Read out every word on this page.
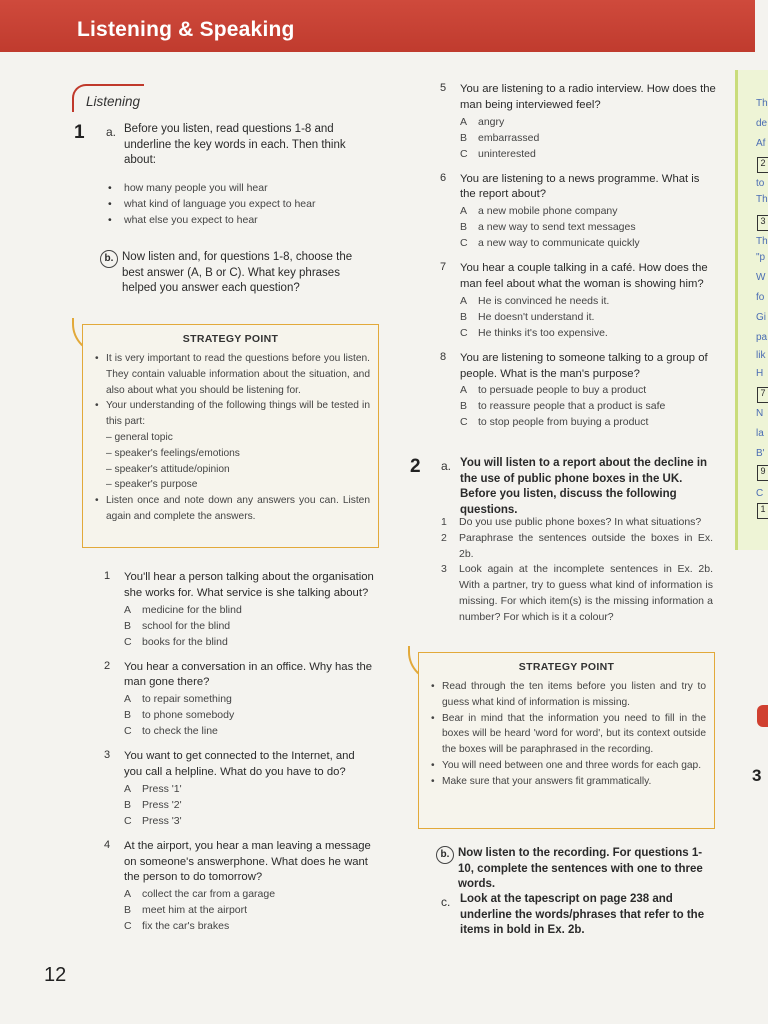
Listening & Speaking
Listening
1 a. Before you listen, read questions 1-8 and underline the key words in each. Then think about:
• how many people you will hear
• what kind of language you expect to hear
• what else you expect to hear
b. Now listen and, for questions 1-8, choose the best answer (A, B or C). What key phrases helped you answer each question?
STRATEGY POINT
• It is very important to read the questions before you listen. They contain valuable information about the situation, and also about what you should be listening for.
• Your understanding of the following things will be tested in this part:
– general topic
– speaker's feelings/emotions
– speaker's attitude/opinion
– speaker's purpose
• Listen once and note down any answers you can. Listen again and complete the answers.
1 You'll hear a person talking about the organisation she works for. What service is she talking about?
A	medicine for the blind
B	school for the blind
C books for the blind
2 You hear a conversation in an office. Why has the man gone there?
A	to repair something
B	to phone somebody
C to check the line
3 You want to get connected to the Internet, and you call a helpline. What do you have to do?
A	Press '1'
B	Press '2'
C Press '3'
4 At the airport, you hear a man leaving a message on someone's answerphone. What does he want the person to do tomorrow?
A	collect the car from a garage
B	meet him at the airport
C fix the car's brakes
5 You are listening to a radio interview. How does the man being interviewed feel?
A	angry
B	embarrassed
C uninterested
6 You are listening to a news programme. What is the report about?
A	a new mobile phone company
B	a new way to send text messages
C a new way to communicate quickly
7 You hear a couple talking in a café. How does the man feel about what the woman is showing him?
A	He is convinced he needs it.
B	He doesn't understand it.
C He thinks it's too expensive.
8 You are listening to someone talking to a group of people. What is the man's purpose?
A	to persuade people to buy a product
B	to reassure people that a product is safe
C to stop people from buying a product
2 a. You will listen to a report about the decline in the use of public phone boxes in the UK. Before you listen, discuss the following questions.
1	Do you use public phone boxes? In what situations?
2	Paraphrase the sentences outside the boxes in Ex. 2b.
3	Look again at the incomplete sentences in Ex. 2b. With a partner, try to guess what kind of information is missing. For which item(s) is the missing information a number? For which is it a colour?
STRATEGY POINT
• Read through the ten items before you listen and try to guess what kind of information is missing.
• Bear in mind that the information you need to fill in the boxes will be heard 'word for word', but its context outside the boxes will be paraphrased in the recording.
• You will need between one and three words for each gap.
• Make sure that your answers fit grammatically.
b. Now listen to the recording. For questions 1-10, complete the sentences with one to three words.
c. Look at the tapescript on page 238 and underline the words/phrases that refer to the items in bold in Ex. 2b.
12
Th
de
Af
to
Th
Th
"p
W
fo
Gi
pa
lik
H
N
la
B'
C
2
3
7
9
1
3
